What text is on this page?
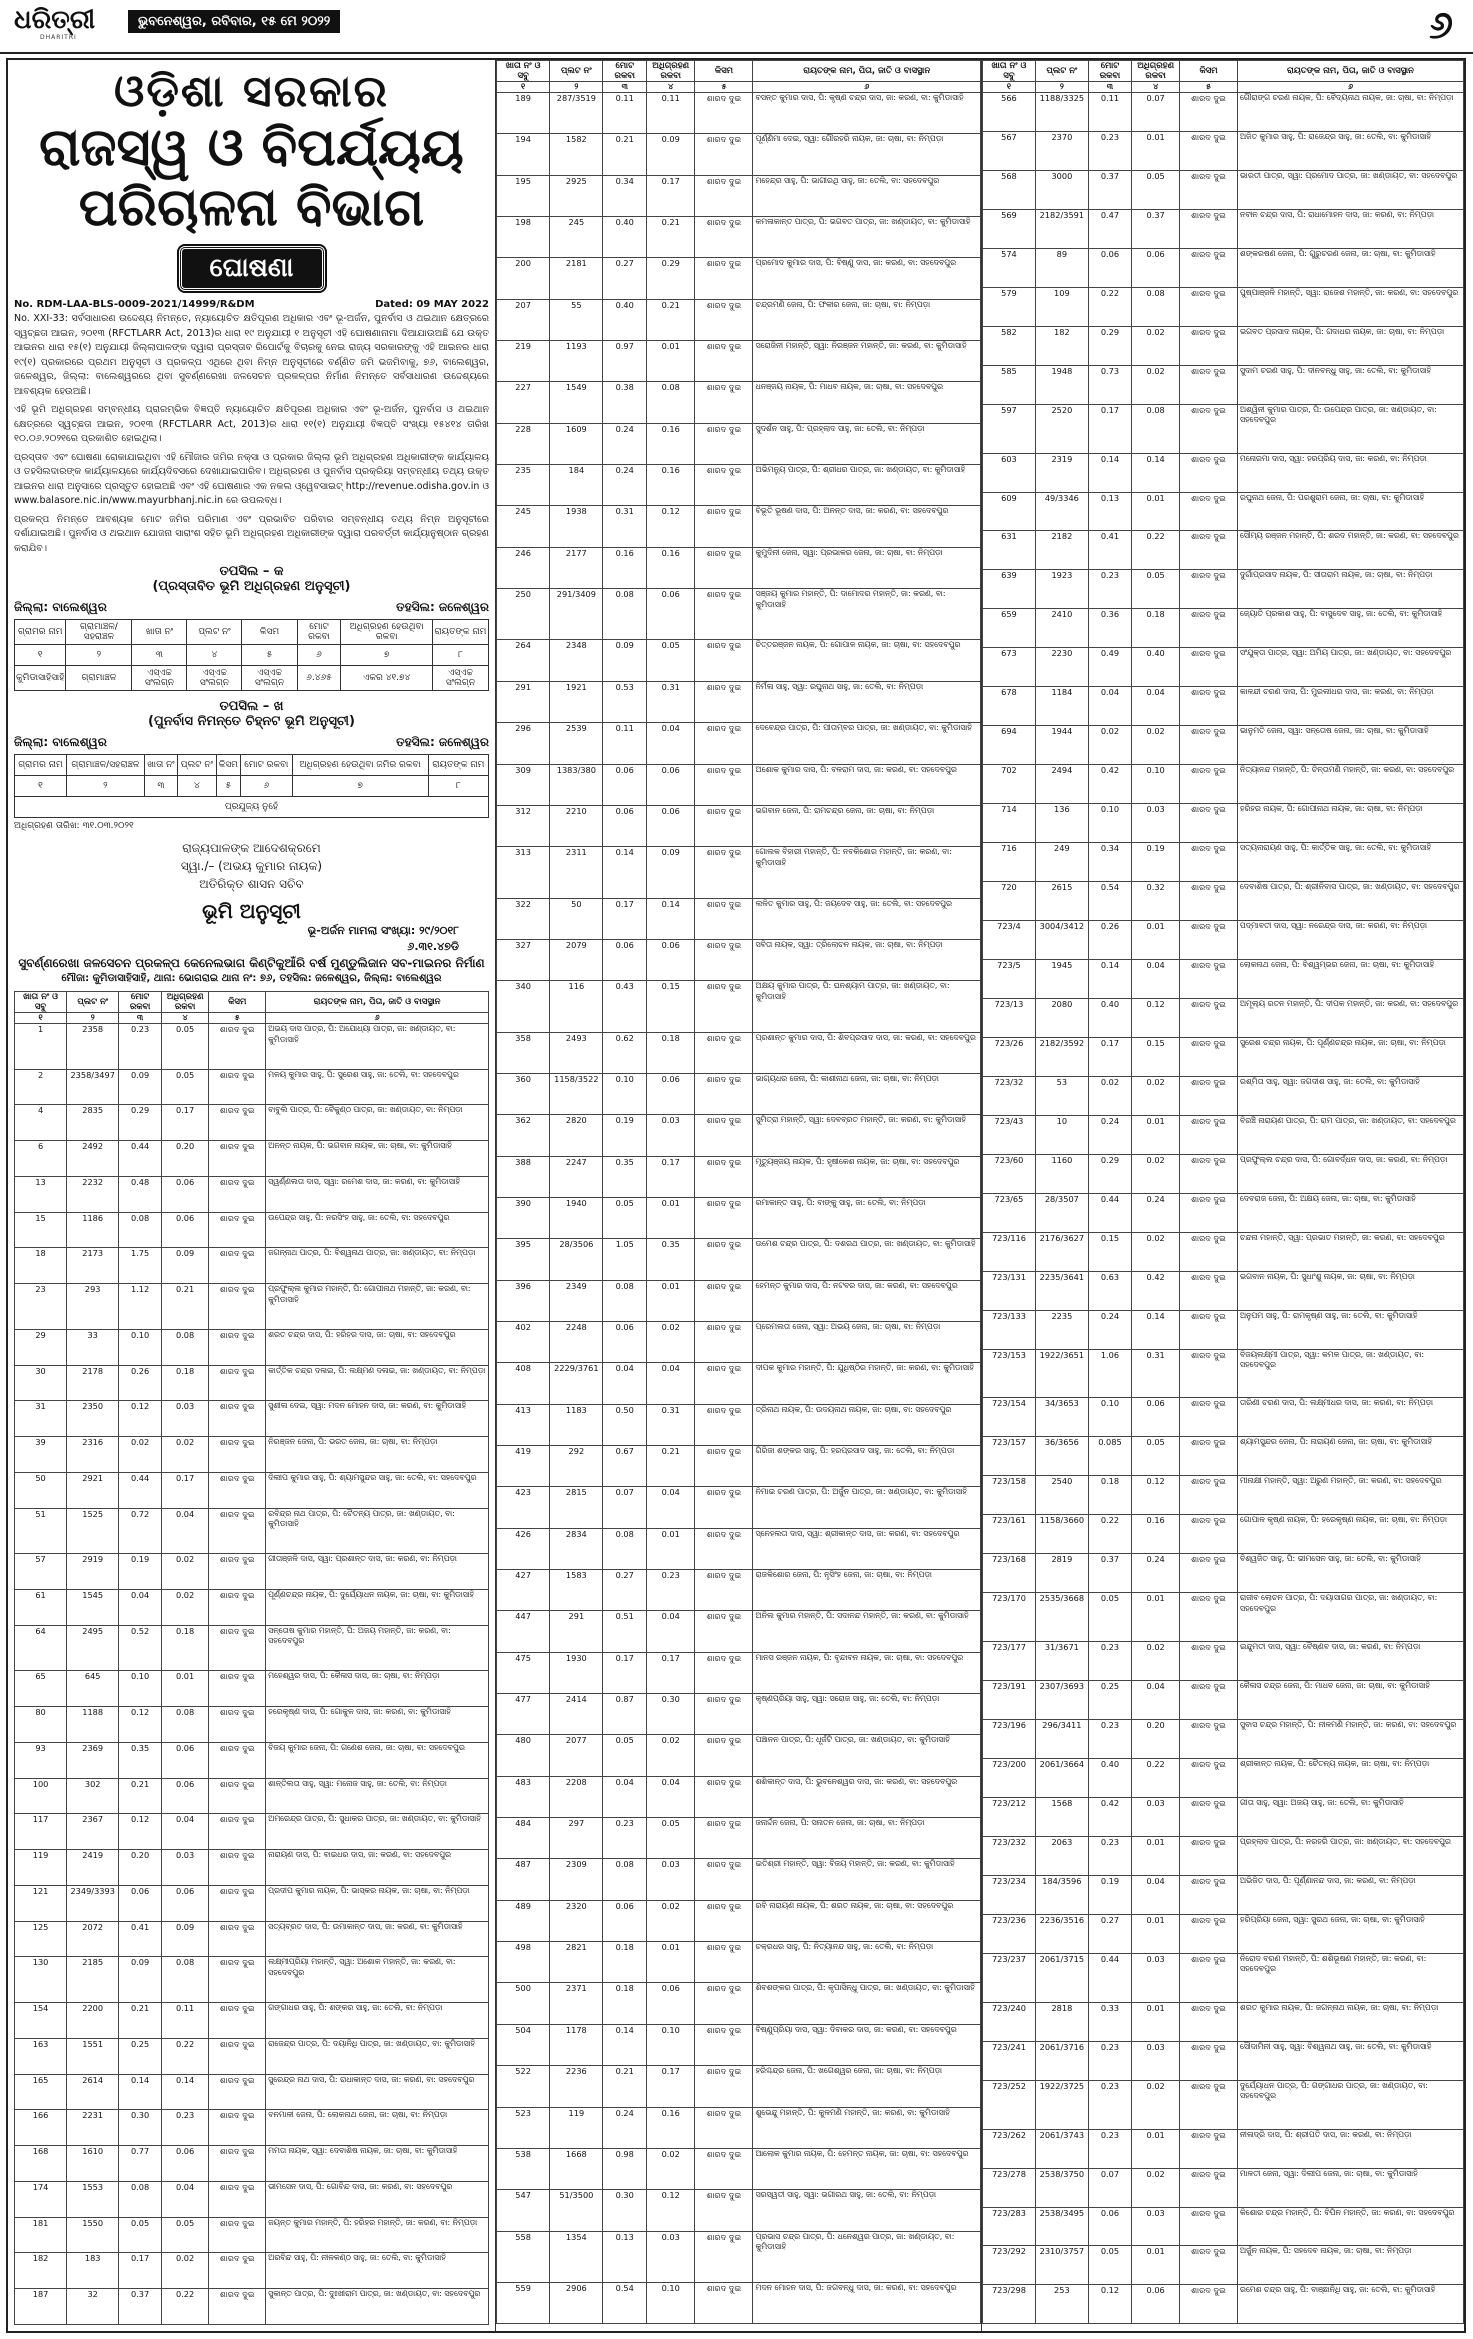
ଧରିତ୍ରୀ
DHARITRI
ଭୁବନେଶ୍ୱର, ରବିବାର, ୧୫ ମେ ୨୦୨୨	୬
ଓଡ଼ିଶା ସରକାର
ରାଜସ୍ୱ ଓ ବିପର୍ଯ୍ୟୟ ପରିଚାଳନା ବିଭାଗ
ଘୋଷଣା
No. RDM-LAA-BLS-0009-2021/14999/R&DM	Dated: 09 MAY 2022

No. XXI-33: ସର୍ବସାଧାରଣ ଉଦ୍ଦେଶ୍ୟ ନିମନ୍ତେ, ନ୍ୟାୟୋଚିତ କ୍ଷତିପୂରଣ ଅଧିକାର ଏବଂ ଭୂ-ଅର୍ଜନ, ପୁନର୍ବାସ ଓ ଥଇଥାନ କ୍ଷେତ୍ରରେ ସ୍ୱଚ୍ଛତା ଆଇନ, ୨୦୧୩ (RFCTLARR Act, 2013)ର ଧାରା ୧୯ ଅନୁଯାୟୀ ୧ ଅନୁସୂଚୀ ଏହି ଘୋଷଣାନାମା ଦିଆଯାଉଅଛି ଯେ ଉକ୍ତ ଆଇନର ଧାରା ୧୫(୧) ଅନୁଯାୟୀ ଜିଲ୍ଲାପାଳଙ୍କ ଦ୍ୱାରା ପ୍ରସ୍ତାବ ରିପୋର୍ଟକୁ ବିଚାରକୁ ନେଇ ରାଜ୍ୟ ସରକାରଙ୍କୁ ଏହି ଆଇନର ଧାରା ୧୯(୧) ପ୍ରକାରରେ ପ୍ରଥମ ଅନୁସୂଚୀ ଓ ପ୍ରକଳ୍ପ ଏଥିରେ ଥିବା ନିମ୍ନ ଅନୁସୂଚୀରେ ବର୍ଣ୍ଣିତ ଜମି ଭଜମିବାକୁ, ୭୬, ବାଲେଶ୍ୱର, ଜଳେଶ୍ୱର, ଜିଲ୍ଲା: ବାଲେଶ୍ୱରରେ ଥିବା ସୁବର୍ଣ୍ଣରେଖା ଜଳସେଚନ ପ୍ରକଳ୍ପର ନିର୍ମାଣ ନିମନ୍ତେ ସର୍ବସାଧାରଣ ଉଦ୍ଦେଶ୍ୟରେ ଆବଶ୍ୟକ ହେଉଅଛି।

ଏହି ଭୂମି ଅଧିଗ୍ରହଣ ସମ୍ବନ୍ଧୀୟ ପ୍ରାରମ୍ଭିକ ବିଜ୍ଞପ୍ତି ନ୍ୟାୟୋଚିତ କ୍ଷତିପୂରଣ ଅଧିକାର ଏବଂ ଭୂ-ଅର୍ଜନ, ପୁନର୍ବାସ ଓ ଥଇଥାନ କ୍ଷେତ୍ରରେ ସ୍ୱଚ୍ଛତା ଆଇନ, ୨୦୧୩ (RFCTLARR Act, 2013)ର ଧାରା ୧୧(୧) ଅନୁଯାୟୀ ବିଜ୍ଞପ୍ତି ସଂଖ୍ୟା ୧୫୪୧୪ ତାରିଖ ୧୦.୦୬.୨୦୨୧ରେ ପ୍ରକାଶିତ ହୋଇଥିଲା।

ପ୍ରସ୍ତାବ ଏବଂ ଘୋଷଣା ରୋକାଯାଇଥିବା ଏହି ମୌଜାର ଜମିର ନକ୍ସା ଓ ପ୍ରକାର ଜିଲ୍ଲା ଭୂମି ଅଧିଗ୍ରହଣ ଅଧିକାରୀଙ୍କ କାର୍ଯ୍ୟାଳୟ ଓ ତହସିଲଦାରଙ୍କ କାର୍ଯ୍ୟାଳୟରେ କାର୍ଯ୍ୟଦିବସରେ ଦେଖାଯାଇପାରିବ। ଅଧିଗ୍ରହଣ ଓ ପୁନର୍ବାସ ପ୍ରକ୍ରିୟା ସମ୍ବନ୍ଧୀୟ ତଥ୍ୟ ଉକ୍ତ ଆଇନର ଧାରା ଅନୁସାରେ ପ୍ରସ୍ତୁତ ହୋଇଅଛି ଏବଂ ଏହି ଘୋଷଣାର ଏକ ନକଲ ଓ୍ୱେବସାଇଟ୍ http://revenue.odisha.gov.in ଓ www.balasore.nic.in/www.mayurbhanj.nic.in ରେ ଉପଲବ୍ଧ।

ପ୍ରକଳ୍ପ ନିମନ୍ତେ ଆବଶ୍ୟକ ମୋଟ ଜମିର ପରିମାଣ ଏବଂ ପ୍ରଭାବିତ ପରିବାର ସମ୍ବନ୍ଧୀୟ ତଥ୍ୟ ନିମ୍ନ ଅନୁସୂଚୀରେ ଦର୍ଶାଯାଇଅଛି। ପୁନର୍ବାସ ଓ ଥଇଥାନ ଯୋଜନା ସାରାଂଶ ସହିତ ଭୂମି ଅଧିଗ୍ରହଣ ଅଧିକାରୀଙ୍କ ଦ୍ୱାରା ପରବର୍ତ୍ତୀ କାର୍ଯ୍ୟାନୁଷ୍ଠାନ ଗ୍ରହଣ କରାଯିବ।

ତପସିଲ – କ
(ପ୍ରସ୍ତାବିତ ଭୂମି ଅଧିଗ୍ରହଣ ଅନୁସୂଚୀ)
ଜିଲ୍ଲା: ବାଲେଶ୍ୱର	ତହସିଲ: ଜଳେଶ୍ୱର
ଗ୍ରାମର ନାମ	ଗ୍ରାମାଞ୍ଚଳ/ସହରାଞ୍ଚଳ	ଖାତା ନଂ	ପ୍ଲଟ ନଂ	କିସମ	ମୋଟ ରକବା	ଅଧିଗ୍ରହଣ ହେଉଥିବା ରକବା	ରାୟତଙ୍କ ନାମ
୧	୨	୩	୪	୫	୬	୭	୮
କୁମିଡାସାହିସାହି	ଗ୍ରାମାଞ୍ଚଳ	ଏସ୍‌ଏଚ୍ଚ ସଂଲଗ୍ନ	ଏସ୍‌ଏଚ୍ଚ ସଂଲଗ୍ନ	ଏସ୍‌ଏଚ୍ଚ ସଂଲଗ୍ନ	୬.୪୬୫	ଏକର ୪୧.୭୪	ଏସ୍‌ଏଚ୍ଚ ସଂଲଗ୍ନ
ତପସିଲ – ଖ
(ପୁନର୍ବାସ ନିମନ୍ତେ ଚିହ୍ନଟ ଭୂମି ଅନୁସୂଚୀ)
ଜିଲ୍ଲା: ବାଲେଶ୍ୱର	ତହସିଲ: ଜଳେଶ୍ୱର
ଗ୍ରାମର ନାମ	ଗ୍ରାମାଞ୍ଚଳ/ସହରାଞ୍ଚଳ	ଖାତା ନଂ	ପ୍ଲଟ ନଂ	କିସମ	ମୋଟ ରକବା	ଅଧିଗ୍ରହଣ ହେଉଥିବା ଜମିର ରକବା	ରାୟତଙ୍କ ନାମ
୧	୨	୩	୪	୫	୬	୭	୮
ପ୍ରଯୁଜ୍ୟ ନୁହେଁ							
ଅଧିଗ୍ରହଣ ତାରିଖ: ୩୧.୦୩.୨୦୨୧
ରାଜ୍ୟପାଳଙ୍କ ଆଦେଶକ୍ରମେ
ସ୍ୱା./– (ଅଭୟ କୁମାର ନାୟକ)
ଅତିରିକ୍ତ ଶାସନ ସଚିବ
ଭୂମି ଅନୁସୂଚୀ
ଭୂ-ଅର୍ଜନ ମାମଲା ସଂଖ୍ୟା: ୨୯/୨୦୧୮
୬.୩୧.୪୭ଡି
ସୁବର୍ଣ୍ଣରେଖା ଜଳସେଚନ ପ୍ରକଳ୍ପ କେନେଲଭାଗ କିଣ୍ଟିକୁଆଁରି ବର୍ଷ ମୁଣ୍ଡୁଲିଜାନ ସବ-ମାଇନର ନିର୍ମାଣ
ମୌଜା: କୁମିଡାସାହିସାହି, ଥାନା: ଭୋଗରାଇ ଥାନା ନଂ: ୭୬, ତହସିଲ: ଜଳେଶ୍ୱର, ଜିଲ୍ଲା: ବାଲେଶ୍ୱର
ଖାତା ନଂ ଓ ସବୁ	ପ୍ଲଟ ନଂ	ମୋଟ ରକବା	ଅଧିଗ୍ରହଣ ରକବା	କିସମ	ରାୟତଙ୍କ ନାମ, ପିତା, ଜାତି ଓ ବାସସ୍ଥାନ
୧	୨	୩	୪	୫	୬
1	2358	0.23	0.05	ଶାରଦ ଦୁଇ	ଅଭୟ ଦାସ ପାତ୍ର, ପି: ଅଯୋଧ୍ୟା ପାତ୍ର, ଜା: ଖଣ୍ଡାୟତ, ବା: କୁମିଡାସାହି
2	2358/3497	0.09	0.05	ଶାରଦ ଦୁଇ	ମଳୟ କୁମାର ସାହୁ, ପି: ସୁରେଶ ସାହୁ, ଜା: ତେଲି, ବା: ସହଦେବପୁର
4	2835	0.29	0.17	ଶାରଦ ଦୁଇ	ବାବୁଲି ପାତ୍ର, ପି: ବୈକୁଣ୍ଠ ପାତ୍ର, ଜା: ଖଣ୍ଡାୟତ, ବା: ନିମ୍ପଡ଼ା
6	2492	0.44	0.20	ଶାରଦ ଦୁଇ	ଅନନ୍ତ ନାୟକ, ପି: ଭଗବାନ ନାୟକ, ଜା: ଚାଷା, ବା: କୁମିଡାସାହି
13	2232	0.48	0.06	ଶାରଦ ଦୁଇ	ସ୍ୱର୍ଣ୍ଣଲତା ଦାସ, ସ୍ୱା: ରମେଶ ଦାସ, ଜା: କରଣ, ବା: କୁମିଡାସାହି
15	1186	0.08	0.06	ଶାରଦ ଦୁଇ	ଉପେନ୍ଦ୍ର ସାହୁ, ପି: ନରସିଂହ ସାହୁ, ଜା: ତେଲି, ବା: ସହଦେବପୁର
18	2173	1.75	0.09	ଶାରଦ ଦୁଇ	ଜଗନ୍ନାଥ ପାତ୍ର, ପି: ବିଶ୍ୱନାଥ ପାତ୍ର, ଜା: ଖଣ୍ଡାୟତ, ବା: ନିମ୍ପଡ଼ା
23	293	1.12	0.21	ଶାରଦ ଦୁଇ	ପ୍ରଫୁଲ୍ଲ କୁମାର ମହାନ୍ତି, ପି: ଗୋପୀନାଥ ମହାନ୍ତି, ଜା: କରଣ, ବା: କୁମିଡାସାହି
29	33	0.10	0.08	ଶାରଦ ଦୁଇ	ଶରତ ଚନ୍ଦ୍ର ଦାସ, ପି: ହରିହର ଦାସ, ଜା: ଚାଷା, ବା: ସହଦେବପୁର
30	2178	0.26	0.18	ଶାରଦ ଦୁଇ	କାର୍ତ୍ତିକ ଚନ୍ଦ୍ର ଦଳାଇ, ପି: ଲକ୍ଷ୍ମଣ ଦଳାଇ, ଜା: ଖଣ୍ଡାୟତ, ବା: ନିମ୍ପଡ଼ା
31	2350	0.12	0.03	ଶାରଦ ଦୁଇ	ସୁଶୀଳା ଦେଇ, ସ୍ୱା: ମଦନ ମୋହନ ଦାସ, ଜା: କରଣ, ବା: କୁମିଡାସାହି
39	2316	0.02	0.02	ଶାରଦ ଦୁଇ	ନିରଞ୍ଜନ ଜେନା, ପି: ଭରତ ଜେନା, ଜା: ଚାଷା, ବା: ନିମ୍ପଡ଼ା
50	2921	0.44	0.17	ଶାରଦ ଦୁଇ	ଦିଲୀପ କୁମାର ସାହୁ, ପି: ଶ୍ୟାମସୁନ୍ଦର ସାହୁ, ଜା: ତେଲି, ବା: ସହଦେବପୁର
51	1525	0.72	0.04	ଶାରଦ ଦୁଇ	ରବିନ୍ଦ୍ର ନାଥ ପାତ୍ର, ପି: ଚୈତନ୍ୟ ପାତ୍ର, ଜା: ଖଣ୍ଡାୟତ, ବା: କୁମିଡାସାହି
57	2919	0.19	0.02	ଶାରଦ ଦୁଇ	ଗୀତାଞ୍ଜଳି ଦାସ, ସ୍ୱା: ପ୍ରଶାନ୍ତ ଦାସ, ଜା: କରଣ, ବା: ନିମ୍ପଡ଼ା
61	1545	0.04	0.02	ଶାରଦ ଦୁଇ	ପୂର୍ଣ୍ଣଚନ୍ଦ୍ର ନାୟକ, ପି: ଦୁର୍ଯ୍ୟୋଧନ ନାୟକ, ଜା: ଚାଷା, ବା: କୁମିଡାସାହି
64	2495	0.52	0.18	ଶାରଦ ଦୁଇ	ସନ୍ତୋଷ କୁମାର ମହାନ୍ତି, ପି: ଅଜୟ ମହାନ୍ତି, ଜା: କରଣ, ବା: ସହଦେବପୁର
65	645	0.10	0.01	ଶାରଦ ଦୁଇ	ମହେଶ୍ୱର ଦାସ, ପି: କୈଳାସ ଦାସ, ଜା: ଚାଷା, ବା: ନିମ୍ପଡ଼ା
80	1188	0.12	0.08	ଶାରଦ ଦୁଇ	ହରେକୃଷ୍ଣ ଦାସ, ପି: ଗୋକୁଳ ଦାସ, ଜା: କରଣ, ବା: କୁମିଡାସାହି
93	2369	0.35	0.06	ଶାରଦ ଦୁଇ	ବିଜୟ କୁମାର ଜେନା, ପି: ଗଣେଶ ଜେନା, ଜା: ଚାଷା, ବା: ସହଦେବପୁର
100	302	0.21	0.06	ଶାରଦ ଦୁଇ	ଶାନ୍ତିଲତା ସାହୁ, ସ୍ୱା: ମନୋଜ ସାହୁ, ଜା: ତେଲି, ବା: ନିମ୍ପଡ଼ା
117	2367	0.12	0.04	ଶାରଦ ଦୁଇ	ଅମରେନ୍ଦ୍ର ପାତ୍ର, ପି: ସୁଧାକର ପାତ୍ର, ଜା: ଖଣ୍ଡାୟତ, ବା: କୁମିଡାସାହି
119	2419	0.20	0.03	ଶାରଦ ଦୁଇ	ନାରାୟଣ ଦାସ, ପି: ବାଇଧର ଦାସ, ଜା: କରଣ, ବା: ସହଦେବପୁର
121	2349/3393	0.06	0.06	ଶାରଦ ଦୁଇ	ପ୍ରଦୀପ କୁମାର ନାୟକ, ପି: ଭାସ୍କର ନାୟକ, ଜା: ଚାଷା, ବା: ନିମ୍ପଡ଼ା
125	2072	0.41	0.09	ଶାରଦ ଦୁଇ	ସତ୍ୟବ୍ରତ ଦାସ, ପି: ଉମାକାନ୍ତ ଦାସ, ଜା: କରଣ, ବା: କୁମିଡାସାହି
130	2185	0.09	0.08	ଶାରଦ ଦୁଇ	ଲକ୍ଷ୍ମୀପ୍ରିୟା ମହାନ୍ତି, ସ୍ୱା: ଅଶୋକ ମହାନ୍ତି, ଜା: କରଣ, ବା: ସହଦେବପୁର
154	2200	0.21	0.11	ଶାରଦ ଦୁଇ	ଗଙ୍ଗାଧର ସାହୁ, ପି: ଶଙ୍କର ସାହୁ, ଜା: ତେଲି, ବା: ନିମ୍ପଡ଼ା
163	1551	0.25	0.22	ଶାରଦ ଦୁଇ	ରାଜେନ୍ଦ୍ର ପାତ୍ର, ପି: ଦୟାନିଧି ପାତ୍ର, ଜା: ଖଣ୍ଡାୟତ, ବା: କୁମିଡାସାହି
165	2614	0.14	0.14	ଶାରଦ ଦୁଇ	ସୁରେନ୍ଦ୍ର ନାଥ ଦାସ, ପି: ରାଧାକାନ୍ତ ଦାସ, ଜା: କରଣ, ବା: ସହଦେବପୁର
166	2231	0.30	0.23	ଶାରଦ ଦୁଇ	ବନମାଳୀ ଜେନା, ପି: ଲୋକନାଥ ଜେନା, ଜା: ଚାଷା, ବା: ନିମ୍ପଡ଼ା
168	1610	0.77	0.06	ଶାରଦ ଦୁଇ	ମମତା ନାୟକ, ସ୍ୱା: ଦେବାଶିଷ ନାୟକ, ଜା: ଚାଷା, ବା: କୁମିଡାସାହି
174	1553	0.08	0.04	ଶାରଦ ଦୁଇ	ଭୀମସେନ ଦାସ, ପି: ଗୋବିନ୍ଦ ଦାସ, ଜା: କରଣ, ବା: ସହଦେବପୁର
181	1550	0.05	0.05	ଶାରଦ ଦୁଇ	ଜୟନ୍ତ କୁମାର ମହାନ୍ତି, ପି: ହରିହର ମହାନ୍ତି, ଜା: କରଣ, ବା: ନିମ୍ପଡ଼ା
182	183	0.17	0.02	ଶାରଦ ଦୁଇ	ଅରବିନ୍ଦ ସାହୁ, ପି: ନୀଳକଣ୍ଠ ସାହୁ, ଜା: ତେଲି, ବା: କୁମିଡାସାହି
187	32	0.37	0.22	ଶାରଦ ଦୁଇ	ସୁକାନ୍ତ ପାତ୍ର, ପି: ଦୁଃଖୀରାମ ପାତ୍ର, ଜା: ଖଣ୍ଡାୟତ, ବା: ସହଦେବପୁର
ଖାତା ନଂ ଓ ସବୁ	ପ୍ଲଟ ନଂ	ମୋଟ ରକବା	ଅଧିଗ୍ରହଣ ରକବା	କିସମ	ରାୟତଙ୍କ ନାମ, ପିତା, ଜାତି ଓ ବାସସ୍ଥାନ
୧	୨	୩	୪	୫	୬
189	287/3519	0.11	0.11	ଶାରଦ ଦୁଇ	ବସନ୍ତ କୁମାର ଦାସ, ପି: କୃଷ୍ଣ ଚନ୍ଦ୍ର ଦାସ, ଜା: କରଣ, ବା: କୁମିଡାସାହି
194	1582	0.21	0.09	ଶାରଦ ଦୁଇ	ପୂର୍ଣ୍ଣିମା ଦେଇ, ସ୍ୱା: ଗୌରହରି ନାୟକ, ଜା: ଚାଷା, ବା: ନିମ୍ପଡ଼ା
195	2925	0.34	0.17	ଶାରଦ ଦୁଇ	ମହେନ୍ଦ୍ର ସାହୁ, ପି: ଭାଗୀରଥି ସାହୁ, ଜା: ତେଲି, ବା: ସହଦେବପୁର
198	245	0.40	0.21	ଶାରଦ ଦୁଇ	କମଳାକାନ୍ତ ପାତ୍ର, ପି: ଭଗବତ ପାତ୍ର, ଜା: ଖଣ୍ଡାୟତ, ବା: କୁମିଡାସାହି
200	2181	0.27	0.29	ଶାରଦ ଦୁଇ	ପ୍ରମୋଦ କୁମାର ଦାସ, ପି: ବିଷ୍ଣୁ ଦାସ, ଜା: କରଣ, ବା: ସହଦେବପୁର
207	55	0.40	0.21	ଶାରଦ ଦୁଇ	ଚନ୍ଦ୍ରମଣି ଜେନା, ପି: ଫକୀର ଜେନା, ଜା: ଚାଷା, ବା: ନିମ୍ପଡ଼ା
219	1193	0.97	0.01	ଶାରଦ ଦୁଇ	ସରୋଜିନୀ ମହାନ୍ତି, ସ୍ୱା: ନିରଞ୍ଜନ ମହାନ୍ତି, ଜା: କରଣ, ବା: କୁମିଡାସାହି
227	1549	0.38	0.08	ଶାରଦ ଦୁଇ	ଧନଞ୍ଜୟ ନାୟକ, ପି: ମାଧବ ନାୟକ, ଜା: ଚାଷା, ବା: ସହଦେବପୁର
228	1609	0.24	0.16	ଶାରଦ ଦୁଇ	ସୁଦର୍ଶନ ସାହୁ, ପି: ପ୍ରହ୍ଲାଦ ସାହୁ, ଜା: ତେଲି, ବା: ନିମ୍ପଡ଼ା
235	184	0.24	0.16	ଶାରଦ ଦୁଇ	ଅଭିମନ୍ୟୁ ପାତ୍ର, ପି: ଶ୍ରୀଧର ପାତ୍ର, ଜା: ଖଣ୍ଡାୟତ, ବା: କୁମିଡାସାହି
245	1938	0.31	0.12	ଶାରଦ ଦୁଇ	ବିଭୂତି ଭୂଷଣ ଦାସ, ପି: ଅନନ୍ତ ଦାସ, ଜା: କରଣ, ବା: ସହଦେବପୁର
246	2177	0.16	0.16	ଶାରଦ ଦୁଇ	କୁମୁଦିନୀ ଜେନା, ସ୍ୱା: ପ୍ରଭାକର ଜେନା, ଜା: ଚାଷା, ବା: ନିମ୍ପଡ଼ା
250	291/3409	0.08	0.06	ଶାରଦ ଦୁଇ	ସଞ୍ଜୟ କୁମାର ମହାନ୍ତି, ପି: ଦାମୋଦର ମହାନ୍ତି, ଜା: କରଣ, ବା: କୁମିଡାସାହି
264	2348	0.09	0.05	ଶାରଦ ଦୁଇ	ଚିତ୍ତରଞ୍ଜନ ନାୟକ, ପି: ଗୋପାଳ ନାୟକ, ଜା: ଚାଷା, ବା: ସହଦେବପୁର
291	1921	0.53	0.31	ଶାରଦ ଦୁଇ	ନିର୍ମଳା ସାହୁ, ସ୍ୱା: ରଘୁନାଥ ସାହୁ, ଜା: ତେଲି, ବା: ନିମ୍ପଡ଼ା
296	2539	0.11	0.04	ଶାରଦ ଦୁଇ	ଦେବେନ୍ଦ୍ର ପାତ୍ର, ପି: ପୀତାମ୍ବର ପାତ୍ର, ଜା: ଖଣ୍ଡାୟତ, ବା: କୁମିଡାସାହି
309	1383/380	0.06	0.06	ଶାରଦ ଦୁଇ	ଅଶୋକ କୁମାର ଦାସ, ପି: ବଳରାମ ଦାସ, ଜା: କରଣ, ବା: ସହଦେବପୁର
312	2210	0.06	0.06	ଶାରଦ ଦୁଇ	ଭଗବାନ ଜେନା, ପି: ରାମଚନ୍ଦ୍ର ଜେନା, ଜା: ଚାଷା, ବା: ନିମ୍ପଡ଼ା
313	2311	0.14	0.09	ଶାରଦ ଦୁଇ	ଗୋଲକ ବିହାରୀ ମହାନ୍ତି, ପି: ନବକିଶୋର ମହାନ୍ତି, ଜା: କରଣ, ବା: କୁମିଡାସାହି
322	50	0.17	0.14	ଶାରଦ ଦୁଇ	ଲଳିତ କୁମାର ସାହୁ, ପି: ଜୟଦେବ ସାହୁ, ଜା: ତେଲି, ବା: ସହଦେବପୁର
327	2079	0.06	0.06	ଶାରଦ ଦୁଇ	ସବିତା ନାୟକ, ସ୍ୱା: ତ୍ରିଲୋଚନ ନାୟକ, ଜା: ଚାଷା, ବା: ନିମ୍ପଡ଼ା
340	116	0.43	0.15	ଶାରଦ ଦୁଇ	ଅକ୍ଷୟ କୁମାର ପାତ୍ର, ପି: ଘନଶ୍ୟାମ ପାତ୍ର, ଜା: ଖଣ୍ଡାୟତ, ବା: କୁମିଡାସାହି
358	2493	0.62	0.18	ଶାରଦ ଦୁଇ	ପ୍ରଶାନ୍ତ କୁମାର ଦାସ, ପି: ଶିବପ୍ରସାଦ ଦାସ, ଜା: କରଣ, ବା: ସହଦେବପୁର
360	1158/3522	0.10	0.06	ଶାରଦ ଦୁଇ	ଭାଗ୍ୟଧର ଜେନା, ପି: କାଶୀନାଥ ଜେନା, ଜା: ଚାଷା, ବା: ନିମ୍ପଡ଼ା
362	2820	0.19	0.03	ଶାରଦ ଦୁଇ	ସୁମିତ୍ରା ମହାନ୍ତି, ସ୍ୱା: ଦେବବ୍ରତ ମହାନ୍ତି, ଜା: କରଣ, ବା: କୁମିଡାସାହି
388	2247	0.35	0.17	ଶାରଦ ଦୁଇ	ମୃତ୍ୟୁଞ୍ଜୟ ନାୟକ, ପି: ହୃଷୀକେଶ ନାୟକ, ଜା: ଚାଷା, ବା: ସହଦେବପୁର
390	1940	0.05	0.01	ଶାରଦ ଦୁଇ	ରମାକାନ୍ତ ସାହୁ, ପି: ବାଙ୍କୁ ସାହୁ, ଜା: ତେଲି, ବା: ନିମ୍ପଡ଼ା
395	28/3506	1.05	0.35	ଶାରଦ ଦୁଇ	ଉମେଶ ଚନ୍ଦ୍ର ପାତ୍ର, ପି: ଦଶରଥ ପାତ୍ର, ଜା: ଖଣ୍ଡାୟତ, ବା: କୁମିଡାସାହି
396	2349	0.08	0.01	ଶାରଦ ଦୁଇ	ହେମନ୍ତ କୁମାର ଦାସ, ପି: ନଟବର ଦାସ, ଜା: କରଣ, ବା: ସହଦେବପୁର
402	2248	0.06	0.02	ଶାରଦ ଦୁଇ	ପ୍ରେମଲତା ଜେନା, ସ୍ୱା: ଅଭୟ ଜେନା, ଜା: ଚାଷା, ବା: ନିମ୍ପଡ଼ା
408	2229/3761	0.04	0.04	ଶାରଦ ଦୁଇ	ଦୀପକ କୁମାର ମହାନ୍ତି, ପି: ଯୁଧିଷ୍ଠିର ମହାନ୍ତି, ଜା: କରଣ, ବା: କୁମିଡାସାହି
413	1183	0.50	0.31	ଶାରଦ ଦୁଇ	ତ୍ରିନାଥ ନାୟକ, ପି: ଉଦୟନାଥ ନାୟକ, ଜା: ଚାଷା, ବା: ସହଦେବପୁର
419	292	0.67	0.21	ଶାରଦ ଦୁଇ	ଗିରିଜା ଶଙ୍କର ସାହୁ, ପି: ହରପ୍ରସାଦ ସାହୁ, ଜା: ତେଲି, ବା: ନିମ୍ପଡ଼ା
423	2815	0.07	0.04	ଶାରଦ ଦୁଇ	ନିମାଇ ଚରଣ ପାତ୍ର, ପି: ଅର୍ଜୁନ ପାତ୍ର, ଜା: ଖଣ୍ଡାୟତ, ବା: କୁମିଡାସାହି
426	2834	0.08	0.01	ଶାରଦ ଦୁଇ	ସ୍ନେହଲତା ଦାସ, ସ୍ୱା: ଶ୍ରୀକାନ୍ତ ଦାସ, ଜା: କରଣ, ବା: ସହଦେବପୁର
427	1583	0.27	0.23	ଶାରଦ ଦୁଇ	ରାଜକିଶୋର ଜେନା, ପି: ନୃସିଂହ ଜେନା, ଜା: ଚାଷା, ବା: ନିମ୍ପଡ଼ା
447	291	0.51	0.04	ଶାରଦ ଦୁଇ	ଅନିଲ କୁମାର ମହାନ୍ତି, ପି: ସଦାନନ୍ଦ ମହାନ୍ତି, ଜା: କରଣ, ବା: କୁମିଡାସାହି
475	1930	0.17	0.17	ଶାରଦ ଦୁଇ	ମାନସ ରଞ୍ଜନ ନାୟକ, ପି: ବୃନ୍ଦାବନ ନାୟକ, ଜା: ଚାଷା, ବା: ସହଦେବପୁର
477	2414	0.87	0.30	ଶାରଦ ଦୁଇ	କୃଷ୍ଣପ୍ରିୟା ସାହୁ, ସ୍ୱା: ସରୋଜ ସାହୁ, ଜା: ତେଲି, ବା: ନିମ୍ପଡ଼ା
480	2077	0.05	0.02	ଶାରଦ ଦୁଇ	ପଞ୍ଚାନନ ପାତ୍ର, ପି: ଧୂର୍ଜଟି ପାତ୍ର, ଜା: ଖଣ୍ଡାୟତ, ବା: କୁମିଡାସାହି
483	2208	0.04	0.04	ଶାରଦ ଦୁଇ	ଶଶିକାନ୍ତ ଦାସ, ପି: ଭୁବନେଶ୍ୱର ଦାସ, ଜା: କରଣ, ବା: ସହଦେବପୁର
484	297	0.23	0.05	ଶାରଦ ଦୁଇ	ଜନାର୍ଦ୍ଦନ ଜେନା, ପି: ସନାତନ ଜେନା, ଜା: ଚାଷା, ବା: ନିମ୍ପଡ଼ା
487	2309	0.08	0.03	ଶାରଦ ଦୁଇ	ଇତିଶ୍ରୀ ମହାନ୍ତି, ସ୍ୱା: ବିଜୟ ମହାନ୍ତି, ଜା: କରଣ, ବା: କୁମିଡାସାହି
489	2320	0.06	0.02	ଶାରଦ ଦୁଇ	ରବି ନାରାୟଣ ନାୟକ, ପି: ଶରତ ନାୟକ, ଜା: ଚାଷା, ବା: ସହଦେବପୁର
498	2821	0.18	0.01	ଶାରଦ ଦୁଇ	ଚକ୍ରଧର ସାହୁ, ପି: ନିତ୍ୟାନନ୍ଦ ସାହୁ, ଜା: ତେଲି, ବା: ନିମ୍ପଡ଼ା
500	2371	0.18	0.06	ଶାରଦ ଦୁଇ	ଶିବଶଙ୍କର ପାତ୍ର, ପି: କୃପାସିନ୍ଧୁ ପାତ୍ର, ଜା: ଖଣ୍ଡାୟତ, ବା: କୁମିଡାସାହି
504	1178	0.14	0.10	ଶାରଦ ଦୁଇ	ବିଷ୍ଣୁପ୍ରିୟା ଦାସ, ସ୍ୱା: ଦିବାକର ଦାସ, ଜା: କରଣ, ବା: ସହଦେବପୁର
522	2236	0.21	0.17	ଶାରଦ ଦୁଇ	ହରିଶ୍ଚନ୍ଦ୍ର ଜେନା, ପି: ଖଗେଶ୍ୱର ଜେନା, ଜା: ଚାଷା, ବା: ନିମ୍ପଡ଼ା
523	119	0.24	0.16	ଶାରଦ ଦୁଇ	ଶୁଭେନ୍ଦୁ ମହାନ୍ତି, ପି: କୁଳମଣି ମହାନ୍ତି, ଜା: କରଣ, ବା: କୁମିଡାସାହି
538	1668	0.98	0.02	ଶାରଦ ଦୁଇ	ଆଲୋକ କୁମାର ନାୟକ, ପି: ହେମନ୍ତ ନାୟକ, ଜା: ଚାଷା, ବା: ସହଦେବପୁର
547	51/3500	0.30	0.12	ଶାରଦ ଦୁଇ	ସରସ୍ୱତୀ ସାହୁ, ସ୍ୱା: ଭଗୀରଥ ସାହୁ, ଜା: ତେଲି, ବା: ନିମ୍ପଡ଼ା
558	1354	0.13	0.03	ଶାରଦ ଦୁଇ	ପ୍ରଭାସ ଚନ୍ଦ୍ର ପାତ୍ର, ପି: ଧନେଶ୍ୱର ପାତ୍ର, ଜା: ଖଣ୍ଡାୟତ, ବା: କୁମିଡାସାହି
559	2906	0.54	0.10	ଶାରଦ ଦୁଇ	ମଦନ ମୋହନ ଦାସ, ପି: ଜଗବନ୍ଧୁ ଦାସ, ଜା: କରଣ, ବା: ସହଦେବପୁର
ଖାତା ନଂ ଓ ସବୁ	ପ୍ଲଟ ନଂ	ମୋଟ ରକବା	ଅଧିଗ୍ରହଣ ରକବା	କିସମ	ରାୟତଙ୍କ ନାମ, ପିତା, ଜାତି ଓ ବାସସ୍ଥାନ
୧	୨	୩	୪	୫	୬
566	1188/3325	0.11	0.07	ଶାରଦ ଦୁଇ	ଗୌରାଙ୍ଗ ଚରଣ ନାୟକ, ପି: ବୈଦ୍ୟନାଥ ନାୟକ, ଜା: ଚାଷା, ବା: ନିମ୍ପଡ଼ା
567	2370	0.23	0.01	ଶାରଦ ଦୁଇ	ଅଜିତ କୁମାର ସାହୁ, ପି: ରାଜେନ୍ଦ୍ର ସାହୁ, ଜା: ତେଲି, ବା: କୁମିଡାସାହି
568	3000	0.37	0.05	ଶାରଦ ଦୁଇ	ଭାରତୀ ପାତ୍ର, ସ୍ୱା: ପ୍ରମୋଦ ପାତ୍ର, ଜା: ଖଣ୍ଡାୟତ, ବା: ସହଦେବପୁର
569	2182/3591	0.47	0.37	ଶାରଦ ଦୁଇ	ନବୀନ ଚନ୍ଦ୍ର ଦାସ, ପି: ରାଧାମୋହନ ଦାସ, ଜା: କରଣ, ବା: ନିମ୍ପଡ଼ା
574	89	0.06	0.06	ଶାରଦ ଦୁଇ	ଶଙ୍କରଷଣ ଜେନା, ପି: ଗୁରୁଚରଣ ଜେନା, ଜା: ଚାଷା, ବା: କୁମିଡାସାହି
579	109	0.22	0.08	ଶାରଦ ଦୁଇ	ପୁଷ୍ପାଞ୍ଜଳି ମହାନ୍ତି, ସ୍ୱା: ରାଜେଶ ମହାନ୍ତି, ଜା: କରଣ, ବା: ସହଦେବପୁର
582	182	0.29	0.02	ଶାରଦ ଦୁଇ	ଭଗବତ ପ୍ରସାଦ ନାୟକ, ପି: ଗଦାଧର ନାୟକ, ଜା: ଚାଷା, ବା: ନିମ୍ପଡ଼ା
585	1948	0.73	0.02	ଶାରଦ ଦୁଇ	ସୁଦାମ ଚରଣ ସାହୁ, ପି: ଦୀନବନ୍ଧୁ ସାହୁ, ଜା: ତେଲି, ବା: କୁମିଡାସାହି
597	2520	0.17	0.08	ଶାରଦ ଦୁଇ	ଅଶ୍ୱିନୀ କୁମାର ପାତ୍ର, ପି: ଉପେନ୍ଦ୍ର ପାତ୍ର, ଜା: ଖଣ୍ଡାୟତ, ବା: ସହଦେବପୁର
603	2319	0.14	0.14	ଶାରଦ ଦୁଇ	ମନୋରମା ଦାସ, ସ୍ୱା: ହରପ୍ରିୟ ଦାସ, ଜା: କରଣ, ବା: ନିମ୍ପଡ଼ା
609	49/3346	0.13	0.01	ଶାରଦ ଦୁଇ	ରଘୁନାଥ ଜେନା, ପି: ପରଶୁରାମ ଜେନା, ଜା: ଚାଷା, ବା: କୁମିଡାସାହି
631	2182	0.41	0.22	ଶାରଦ ଦୁଇ	ସୌମ୍ୟ ରଞ୍ଜନ ମହାନ୍ତି, ପି: ଶରଦ ମହାନ୍ତି, ଜା: କରଣ, ବା: ସହଦେବପୁର
639	1923	0.23	0.05	ଶାରଦ ଦୁଇ	ଦୁର୍ଗାପ୍ରସାଦ ନାୟକ, ପି: ସୀତାରାମ ନାୟକ, ଜା: ଚାଷା, ବା: ନିମ୍ପଡ଼ା
659	2410	0.36	0.18	ଶାରଦ ଦୁଇ	ଜ୍ୟୋତି ପ୍ରକାଶ ସାହୁ, ପି: ବାସୁଦେବ ସାହୁ, ଜା: ତେଲି, ବା: କୁମିଡାସାହି
673	2230	0.49	0.40	ଶାରଦ ଦୁଇ	ସଂଯୁକ୍ତା ପାତ୍ର, ସ୍ୱା: ଅମିୟ ପାତ୍ର, ଜା: ଖଣ୍ଡାୟତ, ବା: ସହଦେବପୁର
678	1184	0.04	0.04	ଶାରଦ ଦୁଇ	କାଳନ୍ଦୀ ଚରଣ ଦାସ, ପି: ମୁରଲୀଧର ଦାସ, ଜା: କରଣ, ବା: ନିମ୍ପଡ଼ା
694	1944	0.02	0.02	ଶାରଦ ଦୁଇ	ଭାନୁମତି ଜେନା, ସ୍ୱା: ସନ୍ତୋଷ ଜେନା, ଜା: ଚାଷା, ବା: କୁମିଡାସାହି
702	2494	0.42	0.10	ଶାରଦ ଦୁଇ	ନିତ୍ୟାନନ୍ଦ ମହାନ୍ତି, ପି: ଚିନ୍ତାମଣି ମହାନ୍ତି, ଜା: କରଣ, ବା: ସହଦେବପୁର
714	136	0.10	0.03	ଶାରଦ ଦୁଇ	ହରିହର ନାୟକ, ପି: ଗୋପୀନାଥ ନାୟକ, ଜା: ଚାଷା, ବା: ନିମ୍ପଡ଼ା
716	249	0.34	0.19	ଶାରଦ ଦୁଇ	ସତ୍ୟନାରାୟଣ ସାହୁ, ପି: କାର୍ତ୍ତିକ ସାହୁ, ଜା: ତେଲି, ବା: କୁମିଡାସାହି
720	2615	0.54	0.32	ଶାରଦ ଦୁଇ	ଦେବାଶିଷ ପାତ୍ର, ପି: ଶ୍ରୀନିବାସ ପାତ୍ର, ଜା: ଖଣ୍ଡାୟତ, ବା: ସହଦେବପୁର
723/4	3004/3412	0.26	0.01	ଶାରଦ ଦୁଇ	ପଦ୍ମାବତୀ ଦାସ, ସ୍ୱା: ନରେନ୍ଦ୍ର ଦାସ, ଜା: କରଣ, ବା: ନିମ୍ପଡ଼ା
723/5	1945	0.14	0.04	ଶାରଦ ଦୁଇ	ଲୋକନାଥ ଜେନା, ପି: ବିଶ୍ୱମ୍ଭର ଜେନା, ଜା: ଚାଷା, ବା: କୁମିଡାସାହି
723/13	2080	0.40	0.12	ଶାରଦ ଦୁଇ	ଅମୂଲ୍ୟ ରତନ ମହାନ୍ତି, ପି: ଦୀପକ ମହାନ୍ତି, ଜା: କରଣ, ବା: ସହଦେବପୁର
723/26	2182/3592	0.17	0.15	ଶାରଦ ଦୁଇ	ସୁରେଶ ଚନ୍ଦ୍ର ନାୟକ, ପି: ପୂର୍ଣ୍ଣଚନ୍ଦ୍ର ନାୟକ, ଜା: ଚାଷା, ବା: ନିମ୍ପଡ଼ା
723/32	53	0.02	0.02	ଶାରଦ ଦୁଇ	ରଶ୍ମିତା ସାହୁ, ସ୍ୱା: ଜଗଦୀଶ ସାହୁ, ଜା: ତେଲି, ବା: କୁମିଡାସାହି
723/43	10	0.24	0.01	ଶାରଦ ଦୁଇ	ବିରଞ୍ଚି ନାରାୟଣ ପାତ୍ର, ପି: ରାମ ପାତ୍ର, ଜା: ଖଣ୍ଡାୟତ, ବା: ସହଦେବପୁର
723/60	1160	0.29	0.02	ଶାରଦ ଦୁଇ	ପ୍ରଫୁଲ୍ଲ ଚନ୍ଦ୍ର ଦାସ, ପି: ଗୋବର୍ଦ୍ଧନ ଦାସ, ଜା: କରଣ, ବା: ନିମ୍ପଡ଼ା
723/65	28/3507	0.44	0.24	ଶାରଦ ଦୁଇ	ଦେବରାଜ ଜେନା, ପି: ଅକ୍ଷୟ ଜେନା, ଜା: ଚାଷା, ବା: କୁମିଡାସାହି
723/116	2176/3627	0.15	0.02	ଶାରଦ ଦୁଇ	ଚନ୍ଦନା ମହାନ୍ତି, ସ୍ୱା: ପ୍ରଭାତ ମହାନ୍ତି, ଜା: କରଣ, ବା: ସହଦେବପୁର
723/131	2235/3641	0.63	0.42	ଶାରଦ ଦୁଇ	ଭଗବାନ ନାୟକ, ପି: ସୁଧାଂଶୁ ନାୟକ, ଜା: ଚାଷା, ବା: ନିମ୍ପଡ଼ା
723/133	2235	0.24	0.14	ଶାରଦ ଦୁଇ	ଅନୁପମ ସାହୁ, ପି: ରାମକୃଷ୍ଣ ସାହୁ, ଜା: ତେଲି, ବା: କୁମିଡାସାହି
723/153	1922/3651	1.06	0.31	ଶାରଦ ଦୁଇ	ବିଜୟଲକ୍ଷ୍ମୀ ପାତ୍ର, ସ୍ୱା: କମଳ ପାତ୍ର, ଜା: ଖଣ୍ଡାୟତ, ବା: ସହଦେବପୁର
723/154	34/3653	0.10	0.06	ଶାରଦ ଦୁଇ	ତାରିଣୀ ଚରଣ ଦାସ, ପି: ଲକ୍ଷ୍ମୀଧର ଦାସ, ଜା: କରଣ, ବା: ନିମ୍ପଡ଼ା
723/157	36/3656	0.085	0.05	ଶାରଦ ଦୁଇ	ଶ୍ୟାମସୁନ୍ଦର ଜେନା, ପି: ନାରାୟଣ ଜେନା, ଜା: ଚାଷା, ବା: କୁମିଡାସାହି
723/158	2540	0.18	0.12	ଶାରଦ ଦୁଇ	ମୀନାକ୍ଷୀ ମହାନ୍ତି, ସ୍ୱା: ଅରୁଣ ମହାନ୍ତି, ଜା: କରଣ, ବା: ସହଦେବପୁର
723/161	1158/3660	0.22	0.16	ଶାରଦ ଦୁଇ	ଗୋପାଳ କୃଷ୍ଣ ନାୟକ, ପି: ହରେକୃଷ୍ଣ ନାୟକ, ଜା: ଚାଷା, ବା: ନିମ୍ପଡ଼ା
723/168	2819	0.37	0.24	ଶାରଦ ଦୁଇ	ବିଶ୍ୱଜିତ ସାହୁ, ପି: ଭୀମସେନ ସାହୁ, ଜା: ତେଲି, ବା: କୁମିଡାସାହି
723/170	2535/3668	0.05	0.01	ଶାରଦ ଦୁଇ	ରାଜୀବ ଲୋଚନ ପାତ୍ର, ପି: ଦୟାସାଗର ପାତ୍ର, ଜା: ଖଣ୍ଡାୟତ, ବା: ସହଦେବପୁର
723/177	31/3671	0.23	0.02	ଶାରଦ ଦୁଇ	ଇନ୍ଦୁମତୀ ଦାସ, ସ୍ୱା: ବୈଷ୍ଣବ ଦାସ, ଜା: କରଣ, ବା: ନିମ୍ପଡ଼ା
723/191	2307/3693	0.25	0.04	ଶାରଦ ଦୁଇ	କୈଳାସ ଚନ୍ଦ୍ର ଜେନା, ପି: ମାଧବ ଜେନା, ଜା: ଚାଷା, ବା: କୁମିଡାସାହି
723/196	296/3411	0.23	0.20	ଶାରଦ ଦୁଇ	ସୁବାସ ଚନ୍ଦ୍ର ମହାନ୍ତି, ପି: ନୀଳମଣି ମହାନ୍ତି, ଜା: କରଣ, ବା: ସହଦେବପୁର
723/200	2061/3664	0.40	0.22	ଶାରଦ ଦୁଇ	ଶ୍ରୀକାନ୍ତ ନାୟକ, ପି: ଚୈତନ୍ୟ ନାୟକ, ଜା: ଚାଷା, ବା: ନିମ୍ପଡ଼ା
723/212	1568	0.42	0.03	ଶାରଦ ଦୁଇ	ଗୀତା ସାହୁ, ସ୍ୱା: ଅଜୟ ସାହୁ, ଜା: ତେଲି, ବା: କୁମିଡାସାହି
723/232	2063	0.23	0.01	ଶାରଦ ଦୁଇ	ପ୍ରହ୍ଲାଦ ପାତ୍ର, ପି: ନରହରି ପାତ୍ର, ଜା: ଖଣ୍ଡାୟତ, ବା: ସହଦେବପୁର
723/234	184/3596	0.19	0.04	ଶାରଦ ଦୁଇ	ଅଭିଜିତ ଦାସ, ପି: ପୂର୍ଣ୍ଣାନନ୍ଦ ଦାସ, ଜା: କରଣ, ବା: ନିମ୍ପଡ଼ା
723/236	2236/3516	0.27	0.01	ଶାରଦ ଦୁଇ	ହରିପ୍ରିୟା ଜେନା, ସ୍ୱା: ସୁରଥ ଜେନା, ଜା: ଚାଷା, ବା: କୁମିଡାସାହି
723/237	2061/3715	0.44	0.03	ଶାରଦ ଦୁଇ	ନିରୋଦ ବରଣ ମହାନ୍ତି, ପି: ଶଶିଭୂଷଣ ମହାନ୍ତି, ଜା: କରଣ, ବା: ସହଦେବପୁର
723/240	2818	0.33	0.01	ଶାରଦ ଦୁଇ	ଶରତ କୁମାର ନାୟକ, ପି: ଜଗନ୍ନାଥ ନାୟକ, ଜା: ଚାଷା, ବା: ନିମ୍ପଡ଼ା
723/241	2061/3716	0.23	0.03	ଶାରଦ ଦୁଇ	ସୌଦାମିନୀ ସାହୁ, ସ୍ୱା: ବିଶ୍ୱନାଥ ସାହୁ, ଜା: ତେଲି, ବା: କୁମିଡାସାହି
723/252	1922/3725	0.23	0.02	ଶାରଦ ଦୁଇ	ଦୁର୍ଯ୍ୟୋଧନ ପାତ୍ର, ପି: ଗଙ୍ଗାଧର ପାତ୍ର, ଜା: ଖଣ୍ଡାୟତ, ବା: ସହଦେବପୁର
723/262	2061/3743	0.23	0.01	ଶାରଦ ଦୁଇ	ନୀଳାଦ୍ରି ଦାସ, ପି: ଶ୍ରୀପତି ଦାସ, ଜା: କରଣ, ବା: ନିମ୍ପଡ଼ା
723/278	2538/3750	0.07	0.02	ଶାରଦ ଦୁଇ	ମାଳତୀ ଜେନା, ସ୍ୱା: ଦିଲୀପ ଜେନା, ଜା: ଚାଷା, ବା: କୁମିଡାସାହି
723/283	2538/3495	0.06	0.03	ଶାରଦ ଦୁଇ	କିଶୋର ଚନ୍ଦ୍ର ମହାନ୍ତି, ପି: ବିପିନ ମହାନ୍ତି, ଜା: କରଣ, ବା: ସହଦେବପୁର
723/292	2310/3757	0.05	0.01	ଶାରଦ ଦୁଇ	ଅର୍ଜୁନ ନାୟକ, ପି: ସହଦେବ ନାୟକ, ଜା: ଚାଷା, ବା: ନିମ୍ପଡ଼ା
723/298	253	0.12	0.06	ଶାରଦ ଦୁଇ	ରମେଶ ଚନ୍ଦ୍ର ସାହୁ, ପି: ବାଞ୍ଛାନିଧି ସାହୁ, ଜା: ତେଲି, ବା: କୁମିଡାସାହି
